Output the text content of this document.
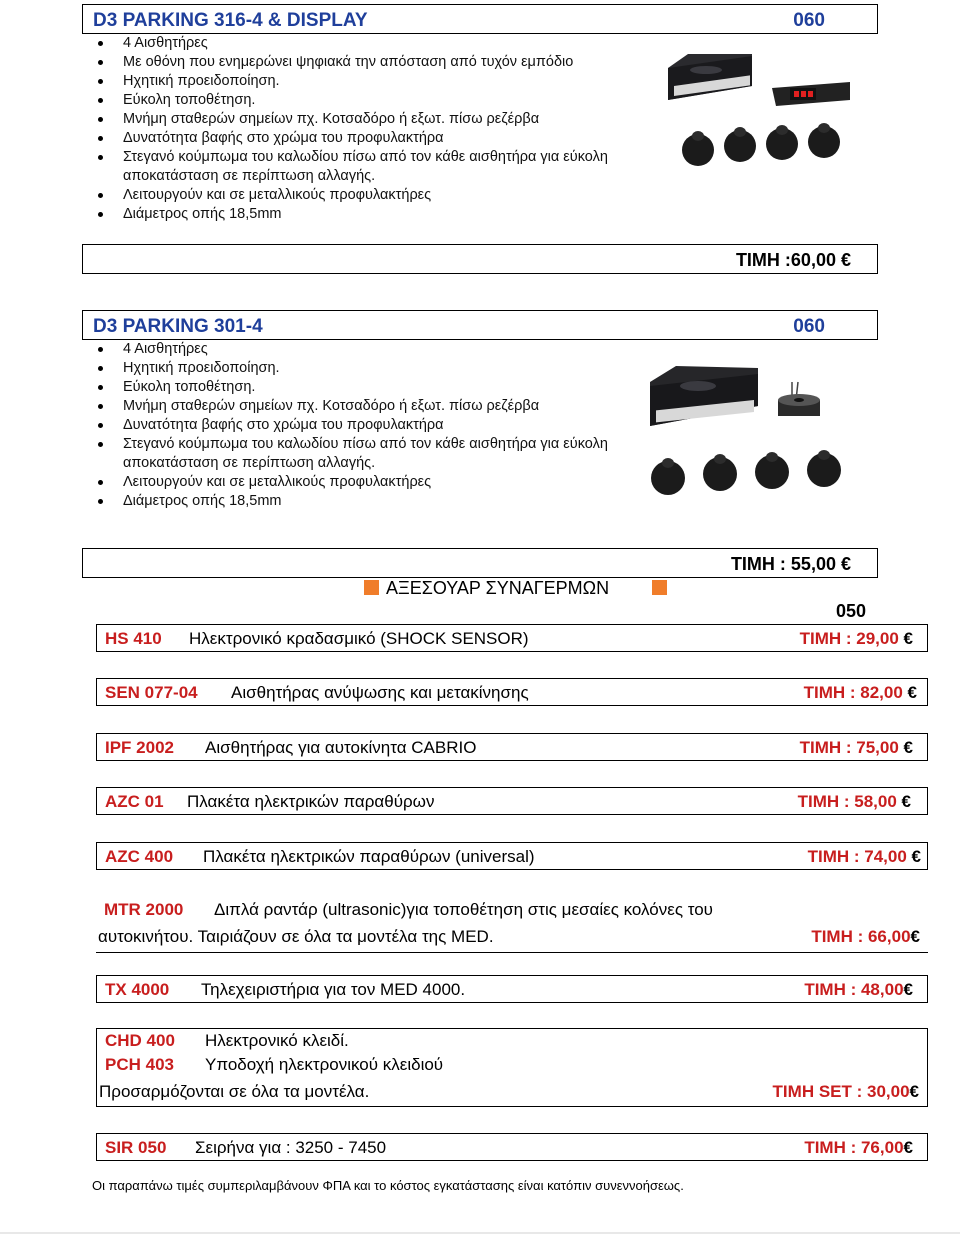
D3 PARKING 316-4 & DISPLAY	060
4 Αισθητήρες
Με οθόνη που ενημερώνει ψηφιακά την απόσταση από τυχόν εμπόδιο
Ηχητική προειδοποίηση.
Εύκολη τοποθέτηση.
Μνήμη σταθερών σημείων πχ. Κοτσαδόρο ή εξωτ. πίσω ρεζέρβα
Δυνατότητα βαφής στο χρώμα του προφυλακτήρα
Στεγανό κούμπωμα του καλωδίου πίσω από τον κάθε αισθητήρα για εύκολη αποκατάσταση σε περίπτωση αλλαγής.
Λειτουργούν και σε μεταλλικούς προφυλακτήρες
Διάμετρος οπής 18,5mm
ΤΙΜΗ :60,00 €
D3 PARKING 301-4	060
4 Αισθητήρες
Ηχητική προειδοποίηση.
Εύκολη τοποθέτηση.
Μνήμη σταθερών σημείων πχ. Κοτσαδόρο ή εξωτ. πίσω ρεζέρβα
Δυνατότητα βαφής στο χρώμα του προφυλακτήρα
Στεγανό κούμπωμα του καλωδίου πίσω από τον κάθε αισθητήρα για εύκολη αποκατάσταση σε περίπτωση αλλαγής.
Λειτουργούν και σε μεταλλικούς προφυλακτήρες
Διάμετρος οπής 18,5mm
ΤΙΜΗ : 55,00 €
ΑΞΕΣΟΥΑΡ ΣΥΝΑΓΕΡΜΩΝ
050
HS 410 Ηλεκτρονικό κραδασμικό (SHOCK SENSOR)	ΤΙΜΗ : 29,00 €
SEN 077-04 Αισθητήρας ανύψωσης και μετακίνησης	ΤΙΜΗ : 82,00 €
IPF 2002 Αισθητήρας για αυτοκίνητα CABRIO	ΤΙΜΗ : 75,00 €
AZC 01 Πλακέτα ηλεκτρικών παραθύρων	ΤΙΜΗ : 58,00 €
AZC 400 Πλακέτα ηλεκτρικών παραθύρων (universal)	ΤΙΜΗ : 74,00 €
MTR 2000 Διπλά ραντάρ (ultrasonic)για τοποθέτηση στις μεσαίες κολόνες του
αυτοκινήτου. Ταιριάζουν σε όλα τα μοντέλα της MED.	ΤΙΜΗ : 66,00€
TX 4000 Τηλεχειριστήρια για τον MED 4000.	ΤΙΜΗ : 48,00€
CHD 400 Ηλεκτρονικό κλειδί.
PCH 403 Υποδοχή ηλεκτρονικού κλειδιού
Προσαρμόζονται σε όλα τα μοντέλα.	ΤΙΜΗ SET : 30,00€
SIR 050 Σειρήνα για : 3250 - 7450	ΤΙΜΗ : 76,00€
Οι παραπάνω τιμές συμπεριλαμβάνουν ΦΠΑ και το κόστος εγκατάστασης είναι κατόπιν συνεννοήσεως.
